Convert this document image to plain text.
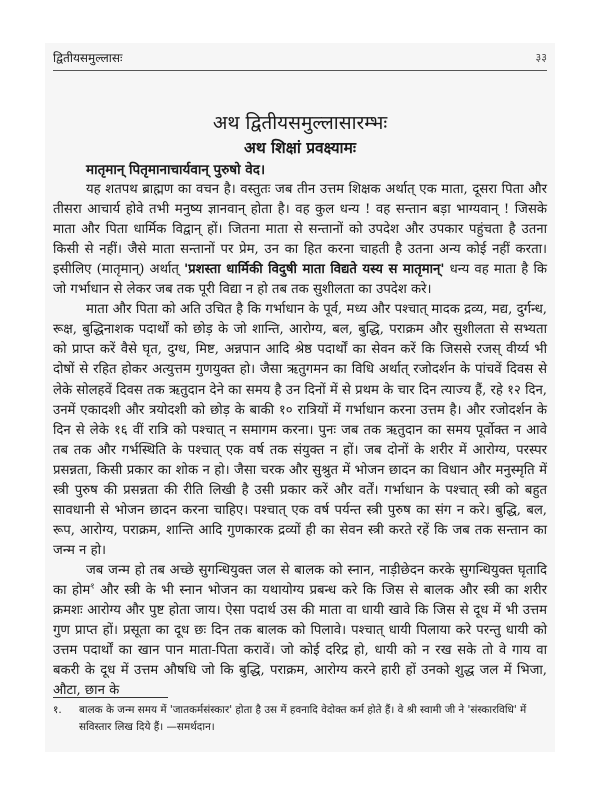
द्वितीयसमुल्लासः	३३
अथ द्वितीयसमुल्लासारम्भः
अथ शिक्षां प्रवक्ष्यामः

मातृमान् पितृमानाचार्यवान् पुरुषो वेद।

यह शतपथ ब्राह्मण का वचन है। वस्तुतः जब तीन उत्तम शिक्षक अर्थात् एक माता, दूसरा पिता और तीसरा आचार्य होवे तभी मनुष्य ज्ञानवान् होता है। वह कुल धन्य ! वह सन्तान बड़ा भाग्यवान् ! जिसके माता और पिता धार्मिक विद्वान् हों। जितना माता से सन्तानों को उपदेश और उपकार पहुंचता है उतना किसी से नहीं। जैसे माता सन्तानों पर प्रेम, उन का हित करना चाहती है उतना अन्य कोई नहीं करता। इसीलिए (मातृमान्) अर्थात् 'प्रशस्ता धार्मिकी विदुषी माता विद्यते यस्य स मातृमान्' धन्य वह माता है कि जो गर्भाधान से लेकर जब तक पूरी विद्या न हो तब तक सुशीलता का उपदेश करे।

माता और पिता को अति उचित है कि गर्भाधान के पूर्व, मध्य और पश्चात् मादक द्रव्य, मद्य, दुर्गन्ध, रूक्ष, बुद्धिनाशक पदार्थों को छोड़ के जो शान्ति, आरोग्य, बल, बुद्धि, पराक्रम और सुशीलता से सभ्यता को प्राप्त करें वैसे घृत, दुग्ध, मिष्ट, अन्नपान आदि श्रेष्ठ पदार्थों का सेवन करें कि जिससे रजस् वीर्य्य भी दोषों से रहित होकर अत्युत्तम गुणयुक्त हो। जैसा ऋतुगमन का विधि अर्थात् रजोदर्शन के पांचवें दिवस से लेके सोलहवें दिवस तक ऋतुदान देने का समय है उन दिनों में से प्रथम के चार दिन त्याज्य हैं, रहे १२ दिन, उनमें एकादशी और त्रयोदशी को छोड़ के बाकी १० रात्रियों में गर्भाधान करना उत्तम है। और रजोदर्शन के दिन से लेके १६ वीं रात्रि को पश्चात् न समागम करना। पुनः जब तक ऋतुदान का समय पूर्वोक्त न आवे तब तक और गर्भस्थिति के पश्चात् एक वर्ष तक संयुक्त न हों। जब दोनों के शरीर में आरोग्य, परस्पर प्रसन्नता, किसी प्रकार का शोक न हो। जैसा चरक और सुश्रुत में भोजन छादन का विधान और मनुस्मृति में स्त्री पुरुष की प्रसन्नता की रीति लिखी है उसी प्रकार करें और वर्तें। गर्भाधान के पश्चात् स्त्री को बहुत सावधानी से भोजन छादन करना चाहिए। पश्चात् एक वर्ष पर्यन्त स्त्री पुरुष का संग न करे। बुद्धि, बल, रूप, आरोग्य, पराक्रम, शान्ति आदि गुणकारक द्रव्यों ही का सेवन स्त्री करते रहें कि जब तक सन्तान का जन्म न हो।

जब जन्म हो तब अच्छे सुगन्धियुक्त जल से बालक को स्नान, नाड़ीछेदन करके सुगन्धियुक्त घृतादि का होम$^१$ और स्त्री के भी स्नान भोजन का यथायोग्य प्रबन्ध करे कि जिस से बालक और स्त्री का शरीर क्रमशः आरोग्य और पुष्ट होता जाय। ऐसा पदार्थ उस की माता वा धायी खावे कि जिस से दूध में भी उत्तम गुण प्राप्त हों। प्रसूता का दूध छः दिन तक बालक को पिलावे। पश्चात् धायी पिलाया करे परन्तु धायी को उत्तम पदार्थों का खान पान माता-पिता करावें। जो कोई दरिद्र हो, धायी को न रख सके तो वे गाय वा बकरी के दूध में उत्तम औषधि जो कि बुद्धि, पराक्रम, आरोग्य करने हारी हों उनको शुद्ध जल में भिजा, औटा, छान के

१. बालक के जन्म समय में 'जातकर्मसंस्कार' होता है उस में हवनादि वेदोक्त कर्म होते हैं। वे श्री स्वामी जी ने 'संस्कारविधि' में सविस्तार लिख दिये हैं। —समर्थदान।
